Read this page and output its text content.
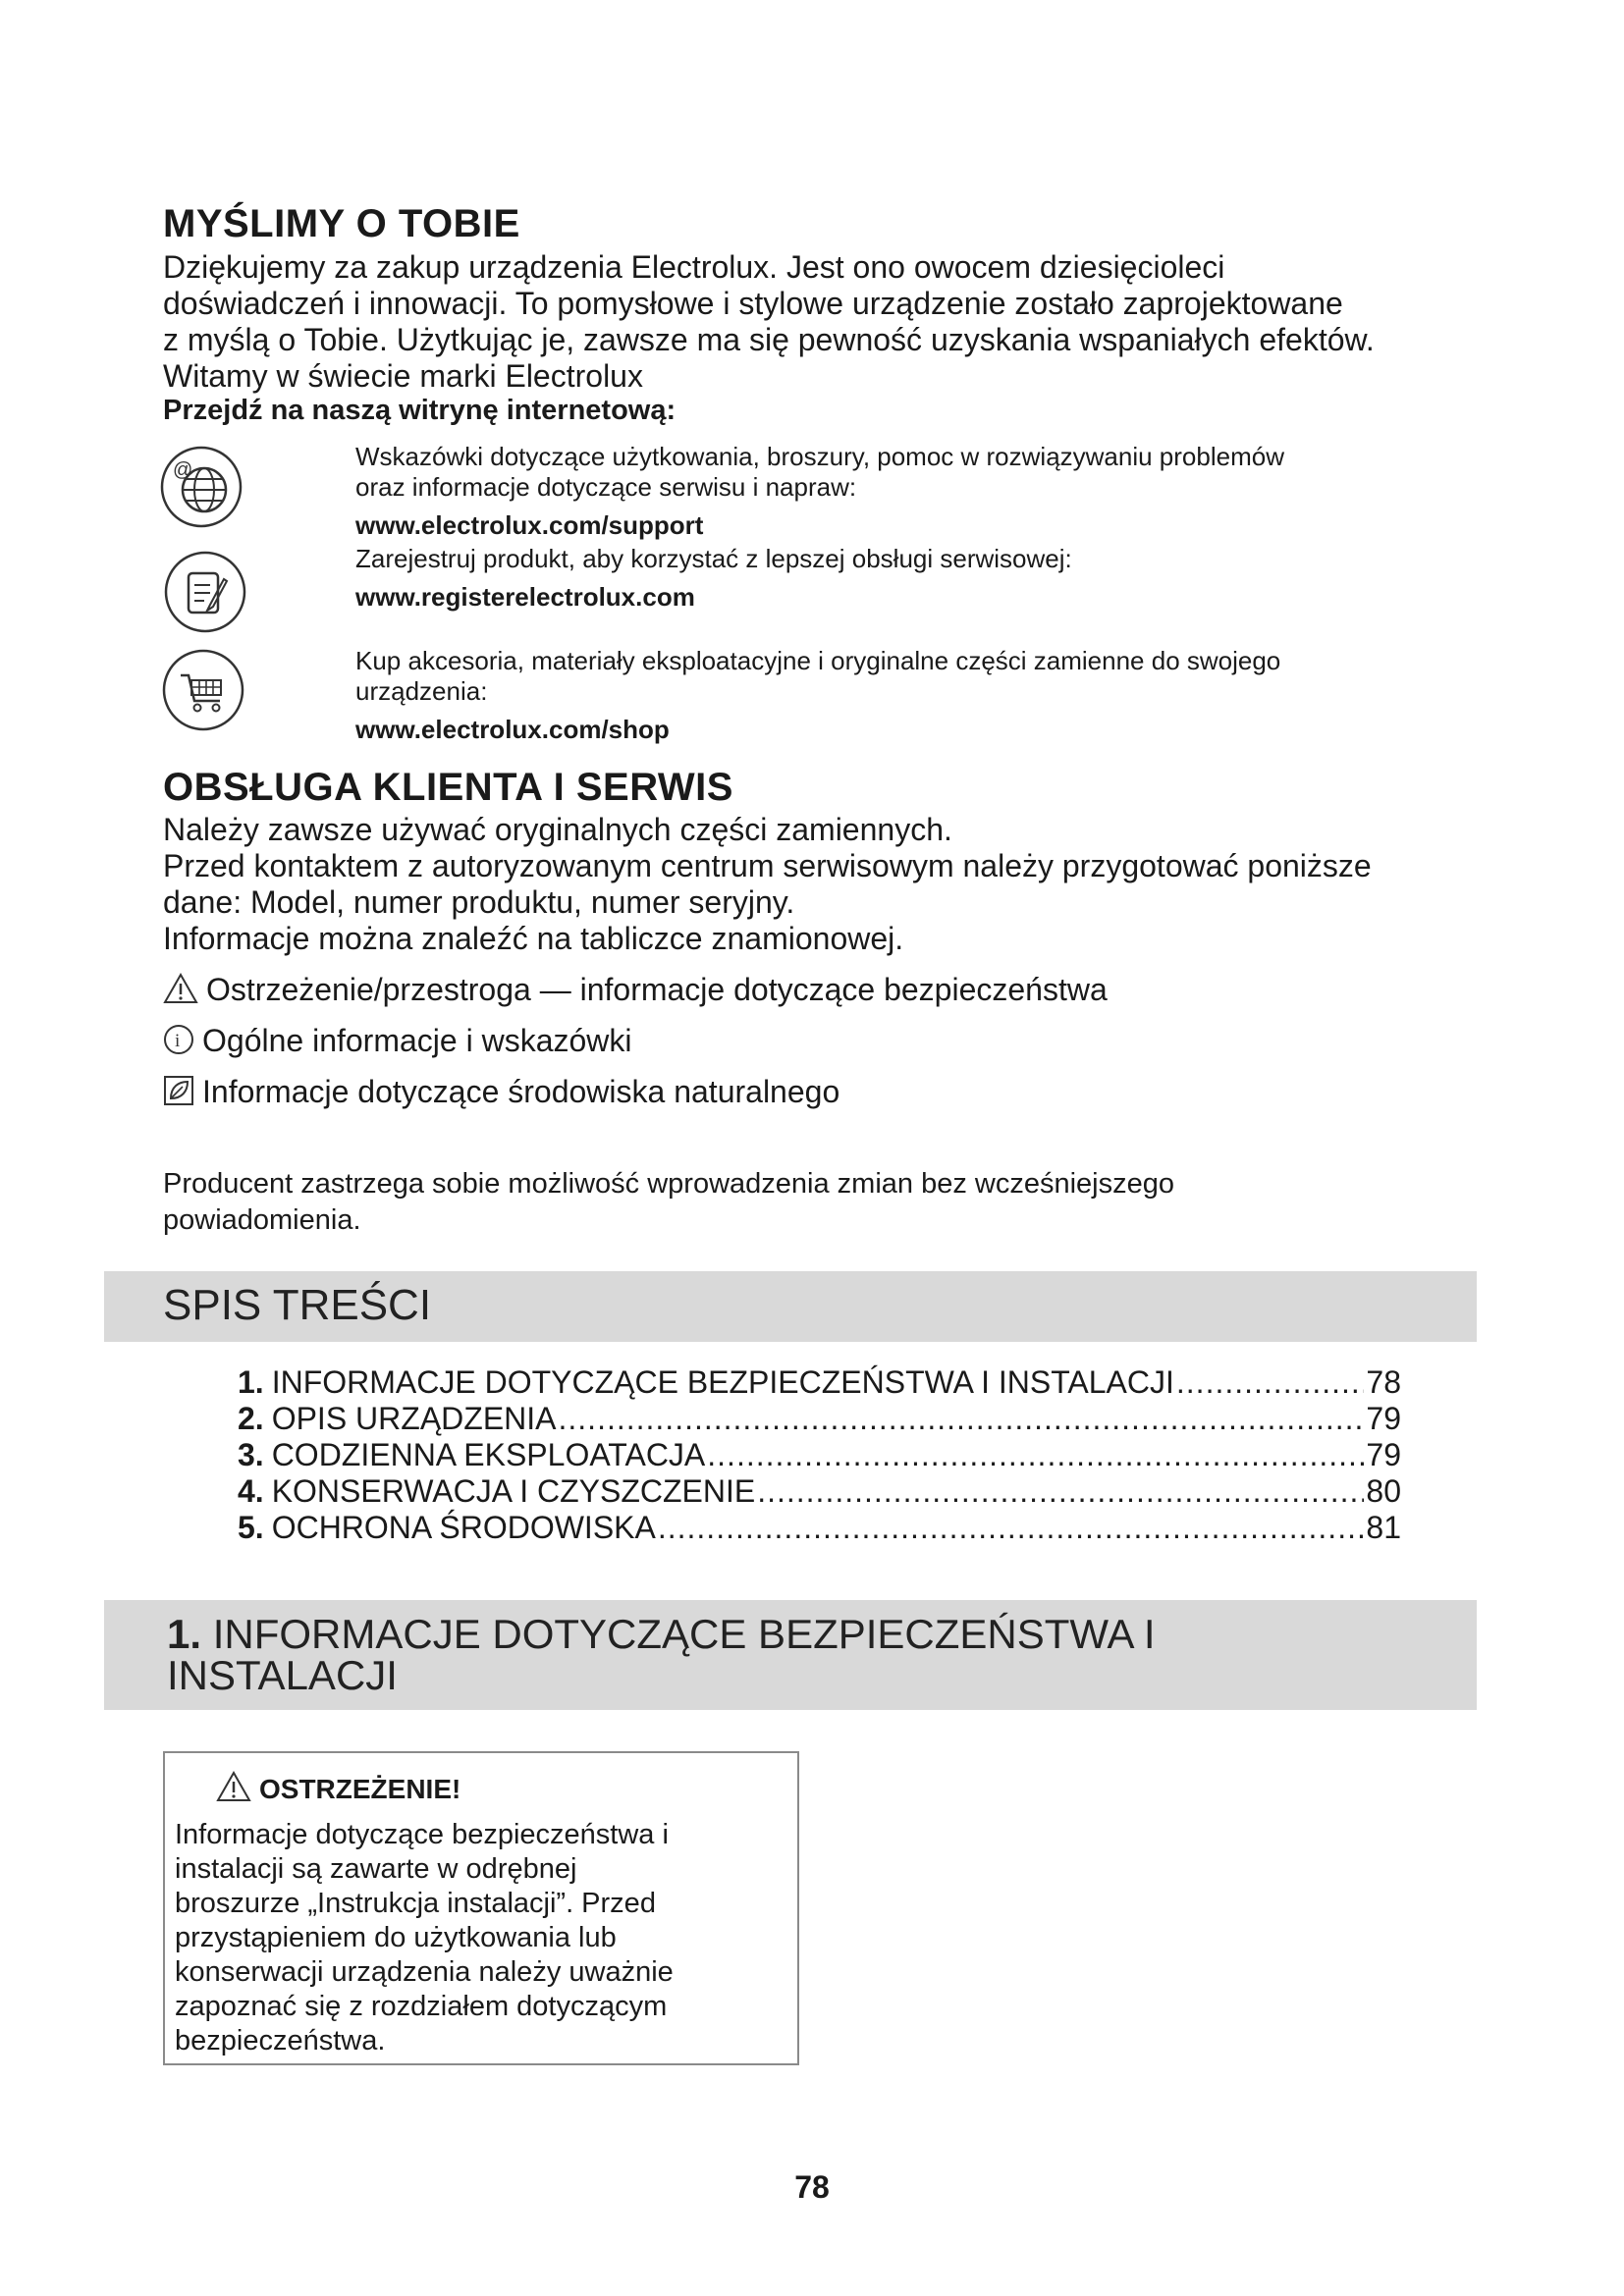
MYŚLIMY O TOBIE
Dziękujemy za zakup urządzenia Electrolux. Jest ono owocem dziesięcioleci
doświadczeń i innowacji. To pomysłowe i stylowe urządzenie zostało zaprojektowane
z myślą o Tobie. Użytkując je, zawsze ma się pewność uzyskania wspaniałych efektów.
Witamy w świecie marki Electrolux
Przejdź na naszą witrynę internetową:
@	Wskazówki dotyczące użytkowania, broszury, pomoc w rozwiązywaniu problemów
oraz informacje dotyczące serwisu i napraw:
www.electrolux.com/support
Zarejestruj produkt, aby korzystać z lepszej obsługi serwisowej:
www.registerelectrolux.com
Kup akcesoria, materiały eksploatacyjne i oryginalne części zamienne do swojego
urządzenia:
www.electrolux.com/shop
OBSŁUGA KLIENTA I SERWIS
Należy zawsze używać oryginalnych części zamiennych.
Przed kontaktem z autoryzowanym centrum serwisowym należy przygotować poniższe
dane: Model, numer produktu, numer seryjny.
Informacje można znaleźć na tabliczce znamionowej.
Ostrzeżenie/przestroga — informacje dotyczące bezpieczeństwa
i Ogólne informacje i wskazówki
Informacje dotyczące środowiska naturalnego
Producent zastrzega sobie możliwość wprowadzenia zmian bez wcześniejszego
powiadomienia.
SPIS TREŚCI
1. INFORMACJE DOTYCZĄCE BEZPIECZEŃSTWA I INSTALACJI .....	78
2. OPIS URZĄDZENIA .....	79
3. CODZIENNA EKSPLOATACJA .....	79
4. KONSERWACJA I CZYSZCZENIE .....	80
5. OCHRONA ŚRODOWISKA .....	81
1. INFORMACJE DOTYCZĄCE BEZPIECZEŃSTWA I
INSTALACJI
OSTRZEŻENIE!
Informacje dotyczące bezpieczeństwa i
instalacji są zawarte w odrębnej
broszurze „Instrukcja instalacji”. Przed
przystąpieniem do użytkowania lub
konserwacji urządzenia należy uważnie
zapoznać się z rozdziałem dotyczącym
bezpieczeństwa.
78
